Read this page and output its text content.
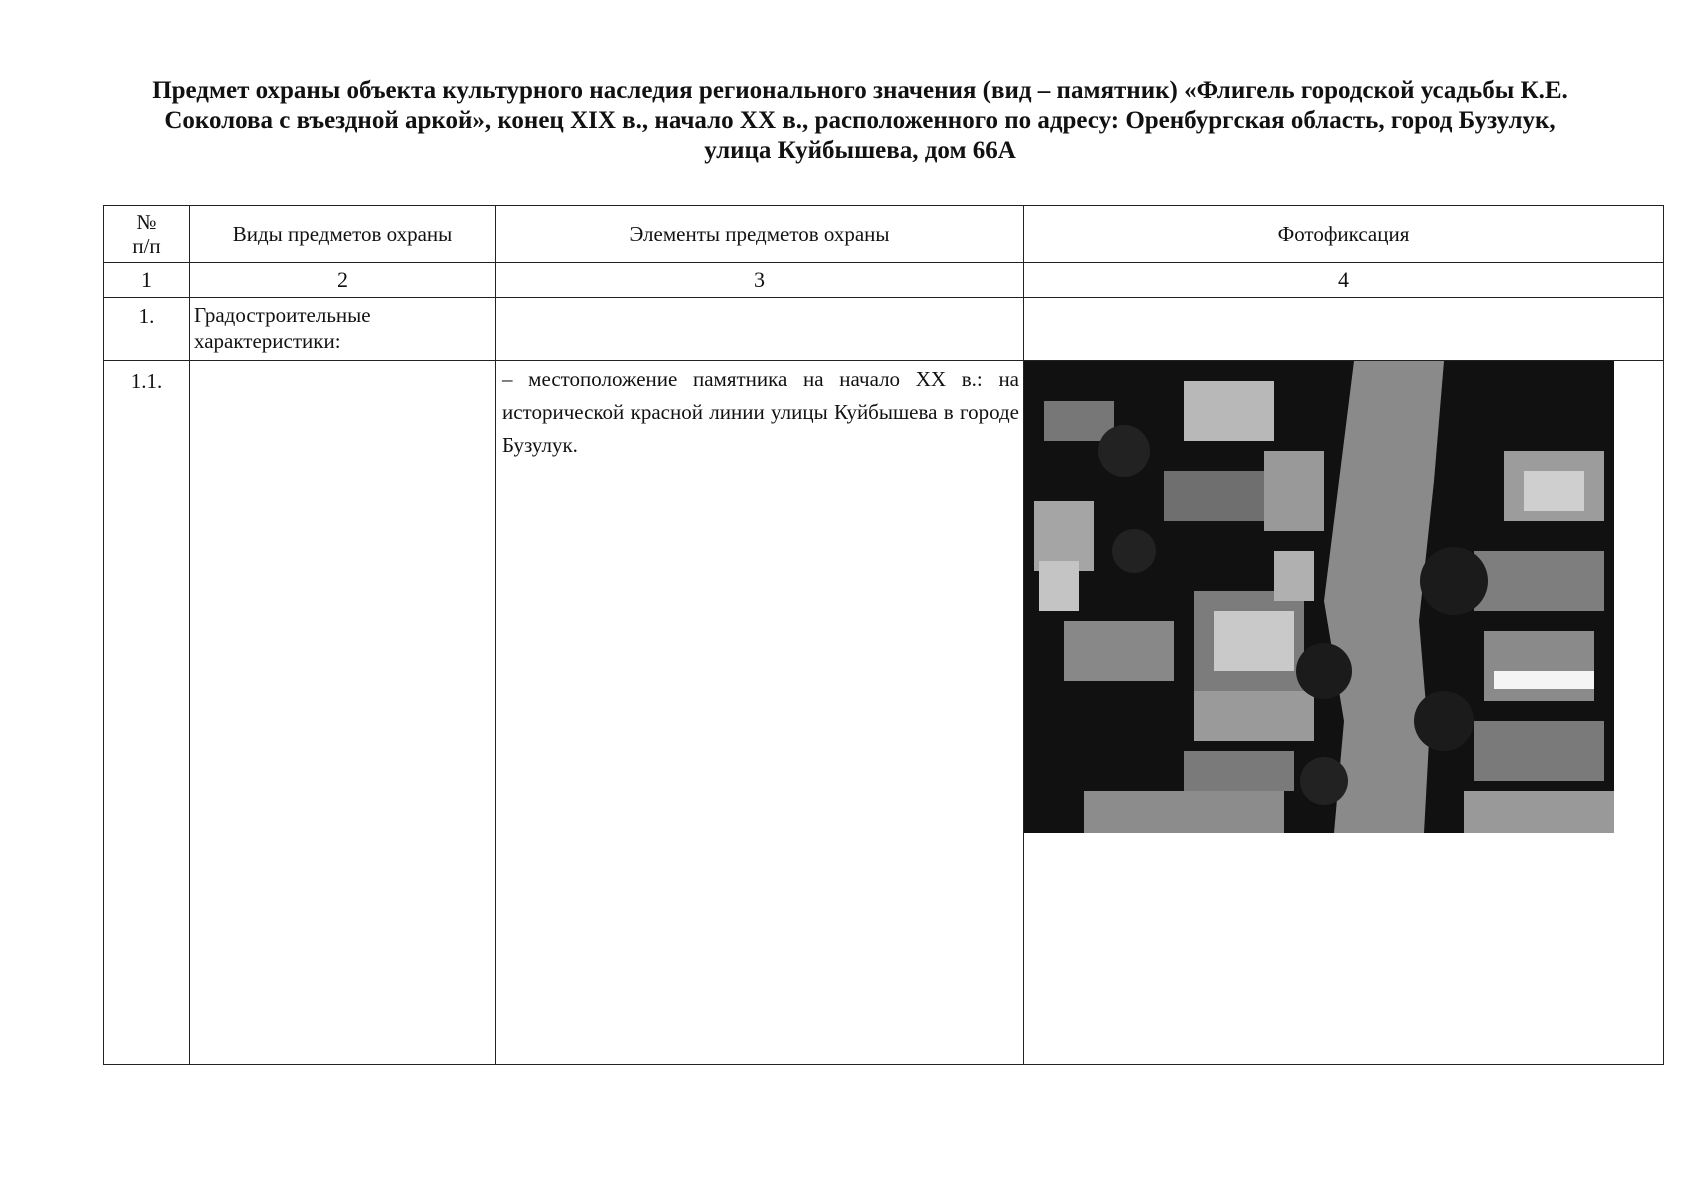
Предмет охраны объекта культурного наследия регионального значения (вид – памятник) «Флигель городской усадьбы К.Е.
Соколова с въездной аркой», конец XIX в., начало XX в., расположенного по адресу: Оренбургская область, город Бузулук,
улица Куйбышева, дом 66А
№
п/п	Виды предметов охраны	Элементы предметов охраны	Фотофиксация
1	2	3	4
1.	Градостроительные
характеристики:		

1.1.		– местоположение памятника на начало XX в.: на исторической красной линии улицы Куйбышева в городе Бузулук.	
